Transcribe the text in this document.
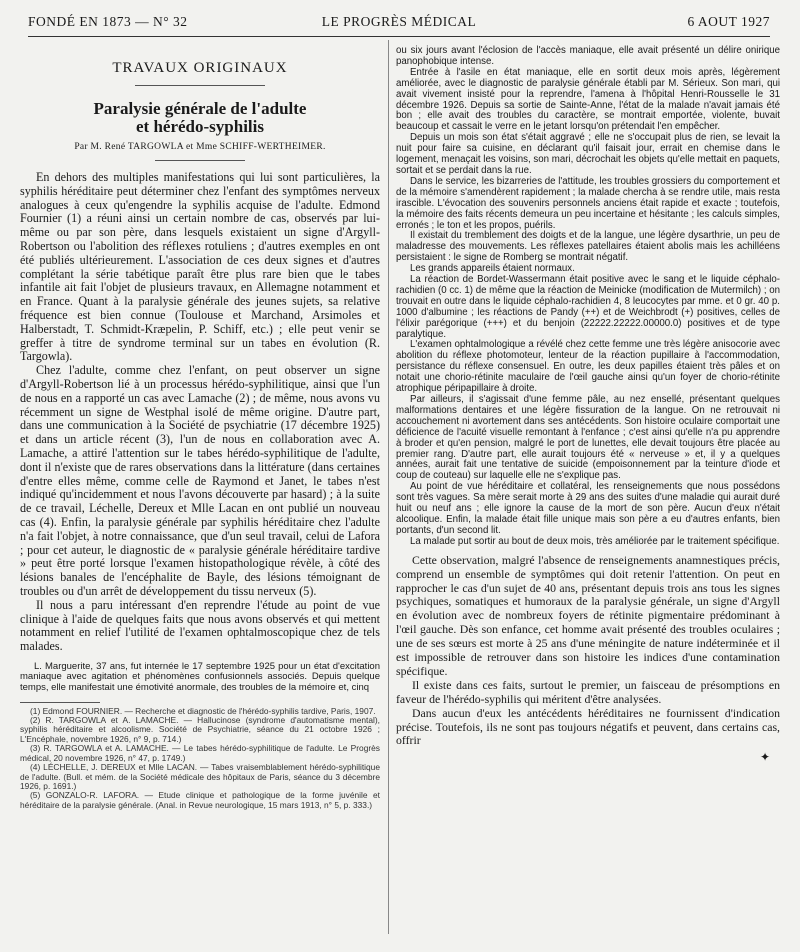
FONDÉ EN 1873 — N° 32	LE PROGRÈS MÉDICAL	6 AOUT 1927
TRAVAUX ORIGINAUX
Paralysie générale de l'adulte
et hérédo-syphilis
Par M. René TARGOWLA et Mme SCHIFF-WERTHEIMER.

En dehors des multiples manifestations qui lui sont particulières, la syphilis héréditaire peut déterminer chez l'enfant des symptômes nerveux analogues à ceux qu'engendre la syphilis acquise de l'adulte. Edmond Fournier (1) a réuni ainsi un certain nombre de cas, observés par lui-même ou par son père, dans lesquels existaient un signe d'Argyll-Robertson ou l'abolition des réflexes rotuliens ; d'autres exemples en ont été publiés ultérieurement. L'association de ces deux signes et d'autres complétant la série tabétique paraît être plus rare bien que le tabes infantile ait fait l'objet de plusieurs travaux, en Allemagne notamment et en France. Quant à la paralysie générale des jeunes sujets, sa relative fréquence est bien connue (Toulouse et Marchand, Arsimoles et Halberstadt, T. Schmidt-Kræpelin, P. Schiff, etc.) ; elle peut venir se greffer à titre de syndrome terminal sur un tabes en évolution (R. Targowla).

Chez l'adulte, comme chez l'enfant, on peut observer un signe d'Argyll-Robertson lié à un processus hérédo-syphilitique, ainsi que l'un de nous en a rapporté un cas avec Lamache (2) ; de même, nous avons vu récemment un signe de Westphal isolé de même origine. D'autre part, dans une communication à la Société de psychiatrie (17 décembre 1925) et dans un article récent (3), l'un de nous en collaboration avec A. Lamache, a attiré l'attention sur le tabes hérédo-syphilitique de l'adulte, dont il n'existe que de rares observations dans la littérature (dans certaines d'entre elles même, comme celle de Raymond et Janet, le tabes n'est indiqué qu'incidemment et nous l'avons découverte par hasard) ; à la suite de ce travail, Léchelle, Dereux et Mlle Lacan en ont publié un nouveau cas (4). Enfin, la paralysie générale par syphilis héréditaire chez l'adulte n'a fait l'objet, à notre connaissance, que d'un seul travail, celui de Lafora ; pour cet auteur, le diagnostic de « paralysie générale héréditaire tardive » peut être porté lorsque l'examen histopathologique révèle, à côté des lésions banales de l'encéphalite de Bayle, des lésions témoignant de troubles ou d'un arrêt de développement du tissu nerveux (5).

Il nous a paru intéressant d'en reprendre l'étude au point de vue clinique à l'aide de quelques faits que nous avons observés et qui mettent notamment en relief l'utilité de l'examen ophtalmoscopique chez de tels malades.

L. Marguerite, 37 ans, fut internée le 17 septembre 1925 pour un état d'excitation maniaque avec agitation et phénomènes confusionnels associés. Depuis quelque temps, elle manifestait une émotivité anormale, des troubles de la mémoire et, cinq

(1) Edmond FOURNIER. — Recherche et diagnostic de l'hérédo-syphilis tardive, Paris, 1907.

(2) R. TARGOWLA et A. LAMACHE. — Hallucinose (syndrome d'automatisme mental), syphilis héréditaire et alcoolisme. Société de Psychiatrie, séance du 21 octobre 1926 ; L'Encéphale, novembre 1926, n° 9, p. 714.)

(3) R. TARGOWLA et A. LAMACHE. — Le tabes hérédo-syphilitique de l'adulte. Le Progrès médical, 20 novembre 1926, n° 47, p. 1749.)

(4) LÉCHELLE, J. DEREUX et Mlle LACAN. — Tabes vraisemblablement hérédo-syphilitique de l'adulte. (Bull. et mém. de la Société médicale des hôpitaux de Paris, séance du 3 décembre 1926, p. 1691.)

(5) GONZALO-R. LAFORA. — Etude clinique et pathologique de la forme juvénile et héréditaire de la paralysie générale. (Anal. in Revue neurologique, 15 mars 1913, n° 5, p. 333.)

ou six jours avant l'éclosion de l'accès maniaque, elle avait présenté un délire onirique panophobique intense.

Entrée à l'asile en état maniaque, elle en sortit deux mois après, légèrement améliorée, avec le diagnostic de paralysie générale établi par M. Sérieux. Son mari, qui avait vivement insisté pour la reprendre, l'amena à l'hôpital Henri-Rousselle le 31 décembre 1926. Depuis sa sortie de Sainte-Anne, l'état de la malade n'avait jamais été bon ; elle avait des troubles du caractère, se montrait emportée, violente, buvait beaucoup et cassait le verre en le jetant lorsqu'on prétendait l'en empêcher.

Depuis un mois son état s'était aggravé ; elle ne s'occupait plus de rien, se levait la nuit pour faire sa cuisine, en déclarant qu'il faisait jour, errait en chemise dans le logement, menaçait les voisins, son mari, décrochait les objets qu'elle mettait en paquets, sortait et se perdait dans la rue.

Dans le service, les bizarreries de l'attitude, les troubles grossiers du comportement et de la mémoire s'amendèrent rapidement ; la malade chercha à se rendre utile, mais resta irascible. L'évocation des souvenirs personnels anciens était rapide et exacte ; toutefois, la mémoire des faits récents demeura un peu incertaine et hésitante ; les calculs simples, erronés ; le ton et les propos, puérils.

Il existait du tremblement des doigts et de la langue, une légère dysarthrie, un peu de maladresse des mouvements. Les réflexes patellaires étaient abolis mais les achilléens persistaient : le signe de Romberg se montrait négatif.

Les grands appareils étaient normaux.

La réaction de Bordet-Wassermann était positive avec le sang et le liquide céphalo-rachidien (0 cc. 1) de même que la réaction de Meinicke (modification de Mutermilch) ; on trouvait en outre dans le liquide céphalo-rachidien 4, 8 leucocytes par mme. et 0 gr. 40 p. 1000 d'albumine ; les réactions de Pandy (++) et de Weichbrodt (+) positives, celles de l'élixir parégorique (+++) et du benjoin (22222.22222.00000.0) positives et de type paralytique.

L'examen ophtalmologique a révélé chez cette femme une très légère anisocorie avec abolition du réflexe photomoteur, lenteur de la réaction pupillaire à l'accommodation, persistance du réflexe consensuel. En outre, les deux papilles étaient très pâles et on notait une chorio-rétinite maculaire de l'œil gauche ainsi qu'un foyer de chorio-rétinite atrophique péripapillaire à droite.

Par ailleurs, il s'agissait d'une femme pâle, au nez ensellé, présentant quelques malformations dentaires et une légère fissuration de la langue. On ne retrouvait ni accouchement ni avortement dans ses antécédents. Son histoire oculaire comportait une déficience de l'acuité visuelle remontant à l'enfance ; c'est ainsi qu'elle n'a pu apprendre à broder et qu'en pension, malgré le port de lunettes, elle devait toujours être placée au premier rang. D'autre part, elle aurait toujours été « nerveuse » et, il y a quelques années, aurait fait une tentative de suicide (empoisonnement par la teinture d'iode et coup de couteau) sur laquelle elle ne s'explique pas.

Au point de vue héréditaire et collatéral, les renseignements que nous possédons sont très vagues. Sa mère serait morte à 29 ans des suites d'une maladie qui aurait duré huit ou neuf ans ; elle ignore la cause de la mort de son père. Aucun d'eux n'était alcoolique. Enfin, la malade était fille unique mais son père a eu d'autres enfants, bien portants, d'un second lit.

La malade put sortir au bout de deux mois, très améliorée par le traitement spécifique.

Cette observation, malgré l'absence de renseignements anamnestiques précis, comprend un ensemble de symptômes qui doit retenir l'attention. On peut en rapprocher le cas d'un sujet de 40 ans, présentant depuis trois ans tous les signes psychiques, somatiques et humoraux de la paralysie générale, un signe d'Argyll en évolution avec de nombreux foyers de rétinite pigmentaire prédominant à l'œil gauche. Dès son enfance, cet homme avait présenté des troubles oculaires ; une de ses sœurs est morte à 25 ans d'une méningite de nature indéterminée et il est impossible de retrouver dans son histoire les indices d'une contamination spécifique.

Il existe dans ces faits, surtout le premier, un faisceau de présomptions en faveur de l'hérédo-syphilis qui méritent d'être analysées.

Dans aucun d'eux les antécédents héréditaires ne fournissent d'indication précise. Toutefois, ils ne sont pas toujours négatifs et peuvent, dans certains cas, offrir

✦
